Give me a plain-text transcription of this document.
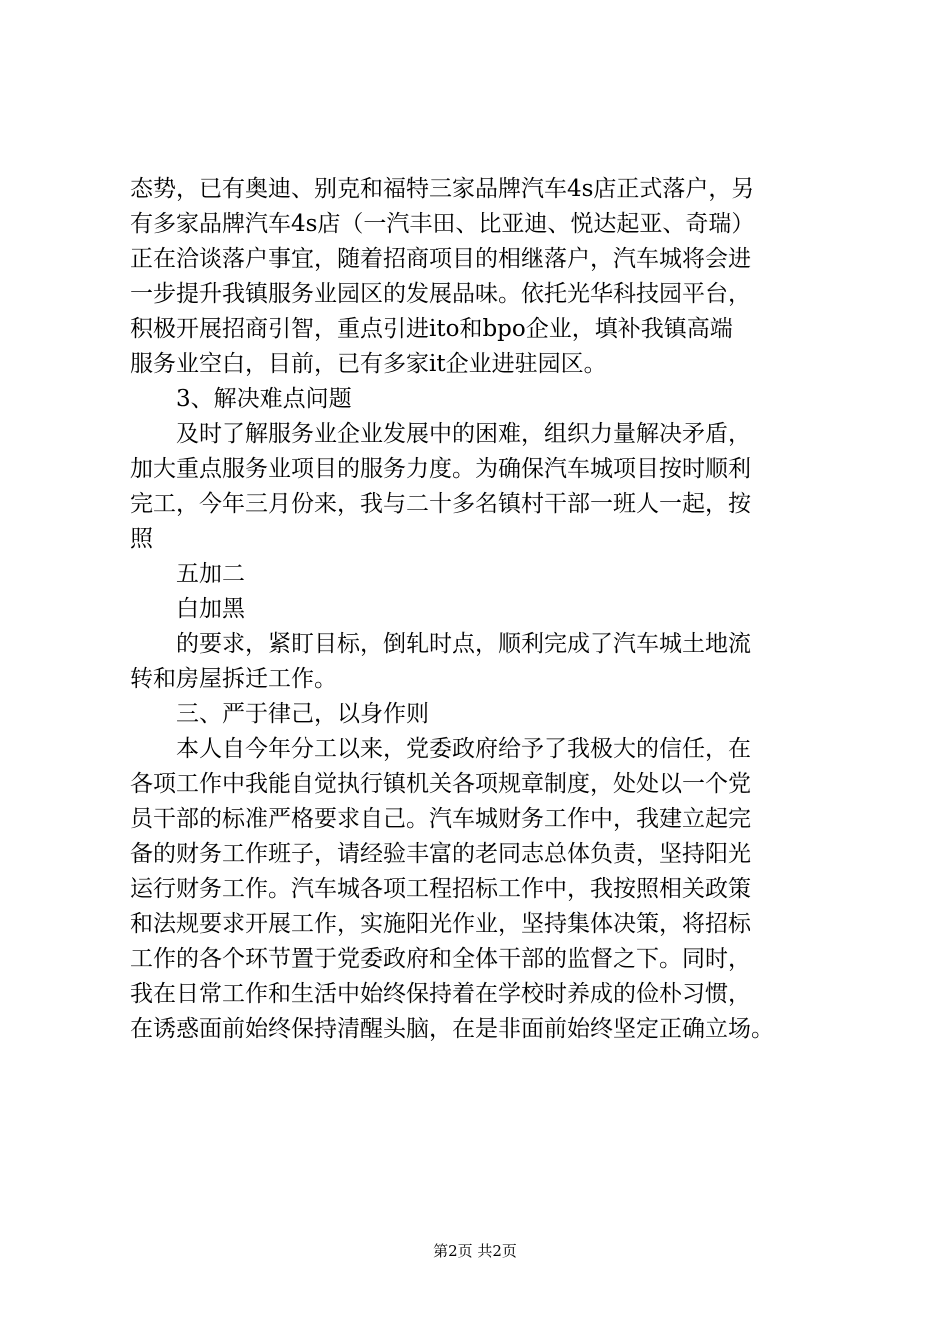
态势，已有奥迪、别克和福特三家品牌汽车4s店正式落户，另
有多家品牌汽车4s店（一汽丰田、比亚迪、悦达起亚、奇瑞）
正在洽谈落户事宜，随着招商项目的相继落户，汽车城将会进
一步提升我镇服务业园区的发展品味。依托光华科技园平台，
积极开展招商引智，重点引进ito和bpo企业，填补我镇高端
服务业空白，目前，已有多家it企业进驻园区。
　　3、解决难点问题
　　及时了解服务业企业发展中的困难，组织力量解决矛盾，
加大重点服务业项目的服务力度。为确保汽车城项目按时顺利
完工，今年三月份来，我与二十多名镇村干部一班人一起，按
照
　　五加二
　　白加黑
　　的要求，紧盯目标，倒轧时点，顺利完成了汽车城土地流
转和房屋拆迁工作。
　　三、严于律己，以身作则
　　本人自今年分工以来，党委政府给予了我极大的信任，在
各项工作中我能自觉执行镇机关各项规章制度，处处以一个党
员干部的标准严格要求自己。汽车城财务工作中，我建立起完
备的财务工作班子，请经验丰富的老同志总体负责，坚持阳光
运行财务工作。汽车城各项工程招标工作中，我按照相关政策
和法规要求开展工作，实施阳光作业，坚持集体决策，将招标
工作的各个环节置于党委政府和全体干部的监督之下。同时，
我在日常工作和生活中始终保持着在学校时养成的俭朴习惯，
在诱惑面前始终保持清醒头脑，在是非面前始终坚定正确立场。
第2页 共2页
